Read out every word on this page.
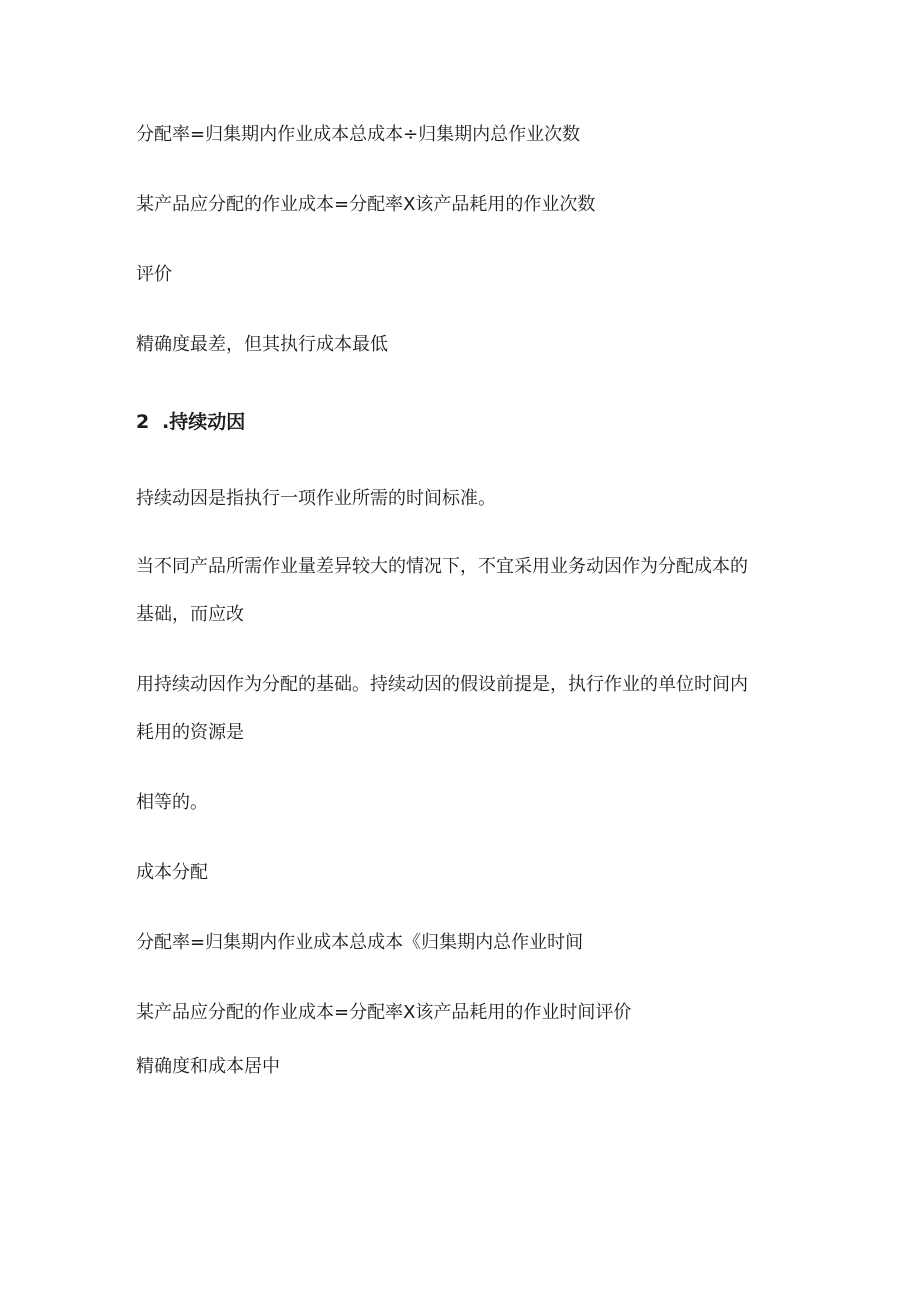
分配率=归集期内作业成本总成本÷归集期内总作业次数
某产品应分配的作业成本=分配率X该产品耗用的作业次数
评价
精确度最差，但其执行成本最低
2 .持续动因
持续动因是指执行一项作业所需的时间标准。
当不同产品所需作业量差异较大的情况下，不宜采用业务动因作为分配成本的
基础，而应改
用持续动因作为分配的基础。持续动因的假设前提是，执行作业的单位时间内
耗用的资源是
相等的。
成本分配
分配率=归集期内作业成本总成本《归集期内总作业时间
某产品应分配的作业成本=分配率X该产品耗用的作业时间评价
精确度和成本居中
